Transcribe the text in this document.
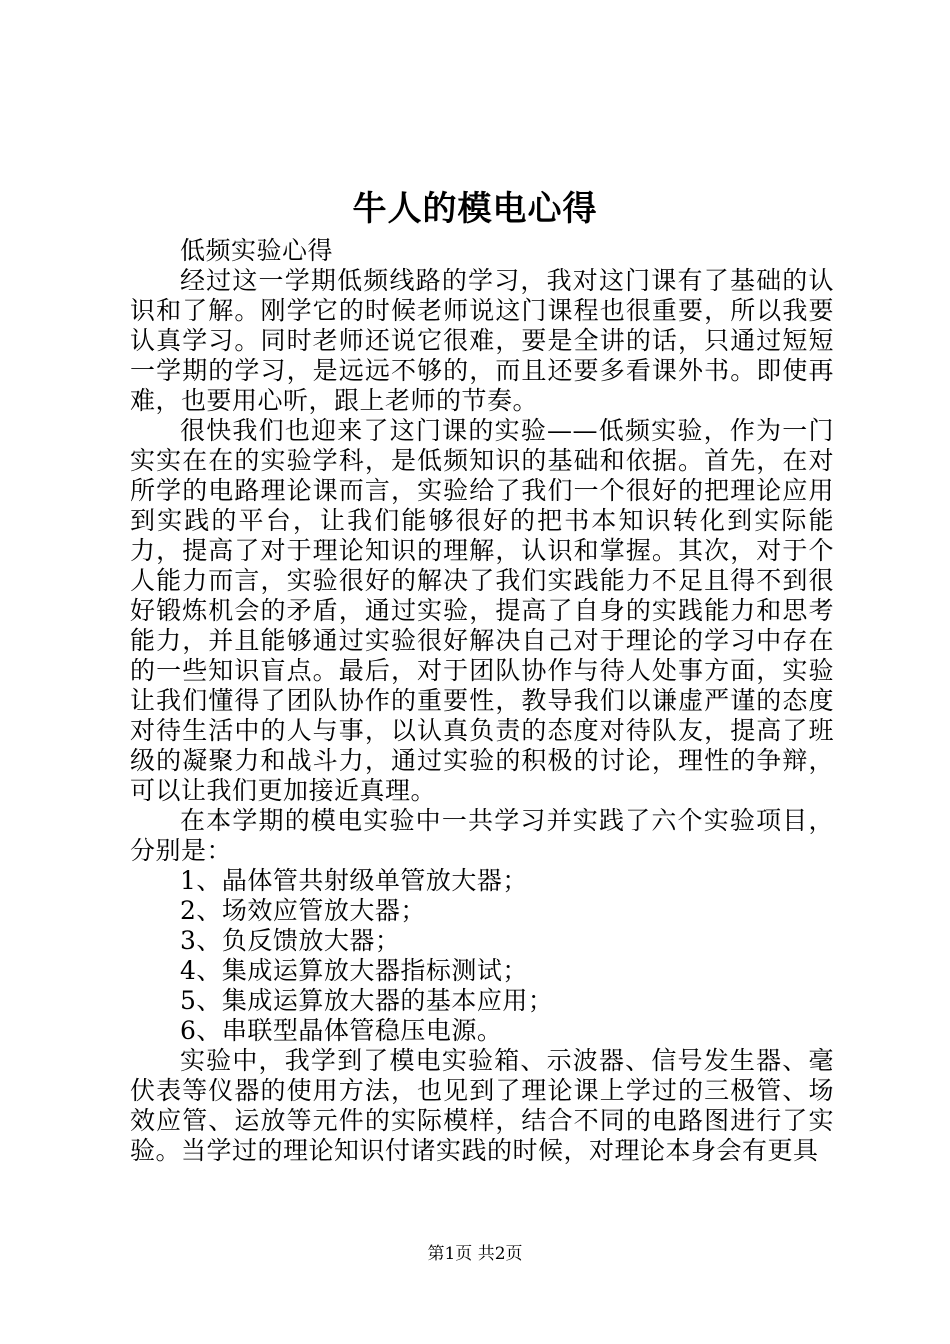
牛人的模电心得

低频实验心得

经过这一学期低频线路的学习，我对这门课有了基础的认识和了解。刚学它的时候老师说这门课程也很重要，所以我要认真学习。同时老师还说它很难，要是全讲的话，只通过短短一学期的学习，是远远不够的，而且还要多看课外书。即使再难，也要用心听，跟上老师的节奏。

很快我们也迎来了这门课的实验——低频实验，作为一门实实在在的实验学科，是低频知识的基础和依据。首先，在对所学的电路理论课而言，实验给了我们一个很好的把理论应用到实践的平台，让我们能够很好的把书本知识转化到实际能力，提高了对于理论知识的理解，认识和掌握。其次，对于个人能力而言，实验很好的解决了我们实践能力不足且得不到很好锻炼机会的矛盾，通过实验，提高了自身的实践能力和思考能力，并且能够通过实验很好解决自己对于理论的学习中存在的一些知识盲点。最后，对于团队协作与待人处事方面，实验让我们懂得了团队协作的重要性，教导我们以谦虚严谨的态度对待生活中的人与事，以认真负责的态度对待队友，提高了班级的凝聚力和战斗力，通过实验的积极的讨论，理性的争辩，可以让我们更加接近真理。

在本学期的模电实验中一共学习并实践了六个实验项目，分别是：

1、晶体管共射级单管放大器；

2、场效应管放大器；

3、负反馈放大器；

4、集成运算放大器指标测试；

5、集成运算放大器的基本应用；

6、串联型晶体管稳压电源。

实验中，我学到了模电实验箱、示波器、信号发生器、毫伏表等仪器的使用方法，也见到了理论课上学过的三极管、场效应管、运放等元件的实际模样，结合不同的电路图进行了实验。当学过的理论知识付诸实践的时候，对理论本身会有更具

第1页 共2页
